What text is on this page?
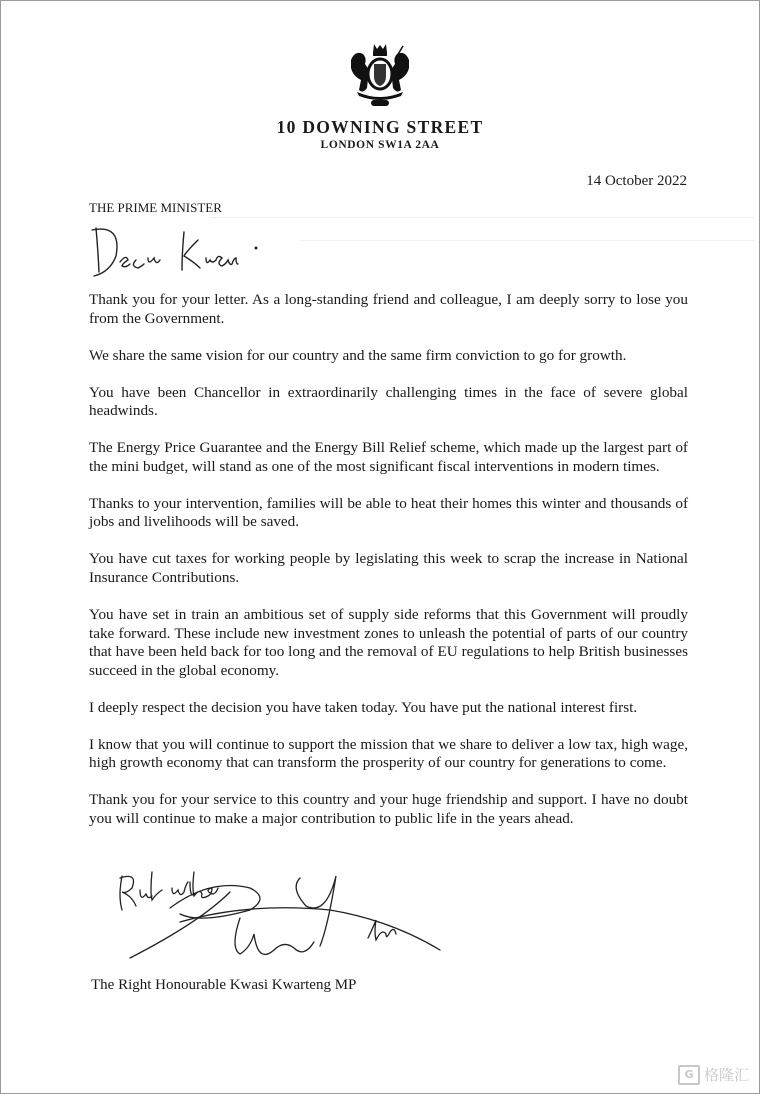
10 DOWNING STREET
LONDON SW1A 2AA
14 October 2022
THE PRIME MINISTER

Thank you for your letter. As a long-standing friend and colleague, I am deeply sorry to lose you from the Government.

We share the same vision for our country and the same firm conviction to go for growth.

You have been Chancellor in extraordinarily challenging times in the face of severe global headwinds.

The Energy Price Guarantee and the Energy Bill Relief scheme, which made up the largest part of the mini budget, will stand as one of the most significant fiscal interventions in modern times.

Thanks to your intervention, families will be able to heat their homes this winter and thousands of jobs and livelihoods will be saved.

You have cut taxes for working people by legislating this week to scrap the increase in National Insurance Contributions.

You have set in train an ambitious set of supply side reforms that this Government will proudly take forward. These include new investment zones to unleash the potential of parts of our country that have been held back for too long and the removal of EU regulations to help British businesses succeed in the global economy.

I deeply respect the decision you have taken today. You have put the national interest first.

I know that you will continue to support the mission that we share to deliver a low tax, high wage, high growth economy that can transform the prosperity of our country for generations to come.

Thank you for your service to this country and your huge friendship and support. I have no doubt you will continue to make a major contribution to public life in the years ahead.

The Right Honourable Kwasi Kwarteng MP
G 格隆汇
